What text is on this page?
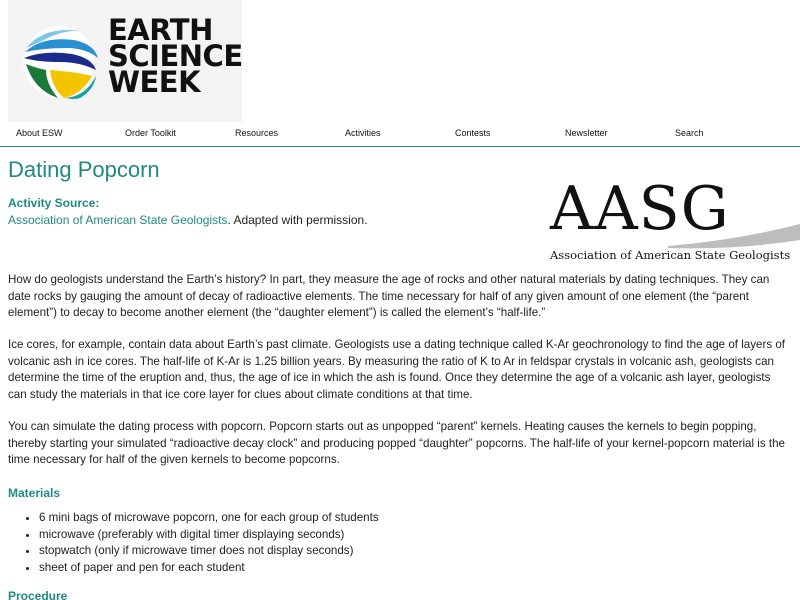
EARTH
SCIENCE
WEEK
About ESW	Order Toolkit	Resources	Activities	Contests	Newsletter	Search
Dating Popcorn
Activity Source:
Association of American State Geologists. Adapted with permission.	AASG
Association of American State Geologists

How do geologists understand the Earth’s history? In part, they measure the age of rocks and other natural materials by dating techniques. They can date rocks by gauging the amount of decay of radioactive elements. The time necessary for half of any given amount of one element (the “parent element”) to decay to become another element (the “daughter element”) is called the element’s “half-life.”

Ice cores, for example, contain data about Earth’s past climate. Geologists use a dating technique called K-Ar geochronology to find the age of layers of volcanic ash in ice cores. The half-life of K-Ar is 1.25 billion years. By measuring the ratio of K to Ar in feldspar crystals in volcanic ash, geologists can determine the time of the eruption and, thus, the age of ice in which the ash is found. Once they determine the age of a volcanic ash layer, geologists can study the materials in that ice core layer for clues about climate conditions at that time.

You can simulate the dating process with popcorn. Popcorn starts out as unpopped “parent” kernels. Heating causes the kernels to begin popping, thereby starting your simulated “radioactive decay clock” and producing popped “daughter” popcorns. The half-life of your kernel-popcorn material is the time necessary for half of the given kernels to become popcorns.

Materials
• 6 mini bags of microwave popcorn, one for each group of students
• microwave (preferably with digital timer displaying seconds)
• stopwatch (only if microwave timer does not display seconds)
• sheet of paper and pen for each student
Procedure
